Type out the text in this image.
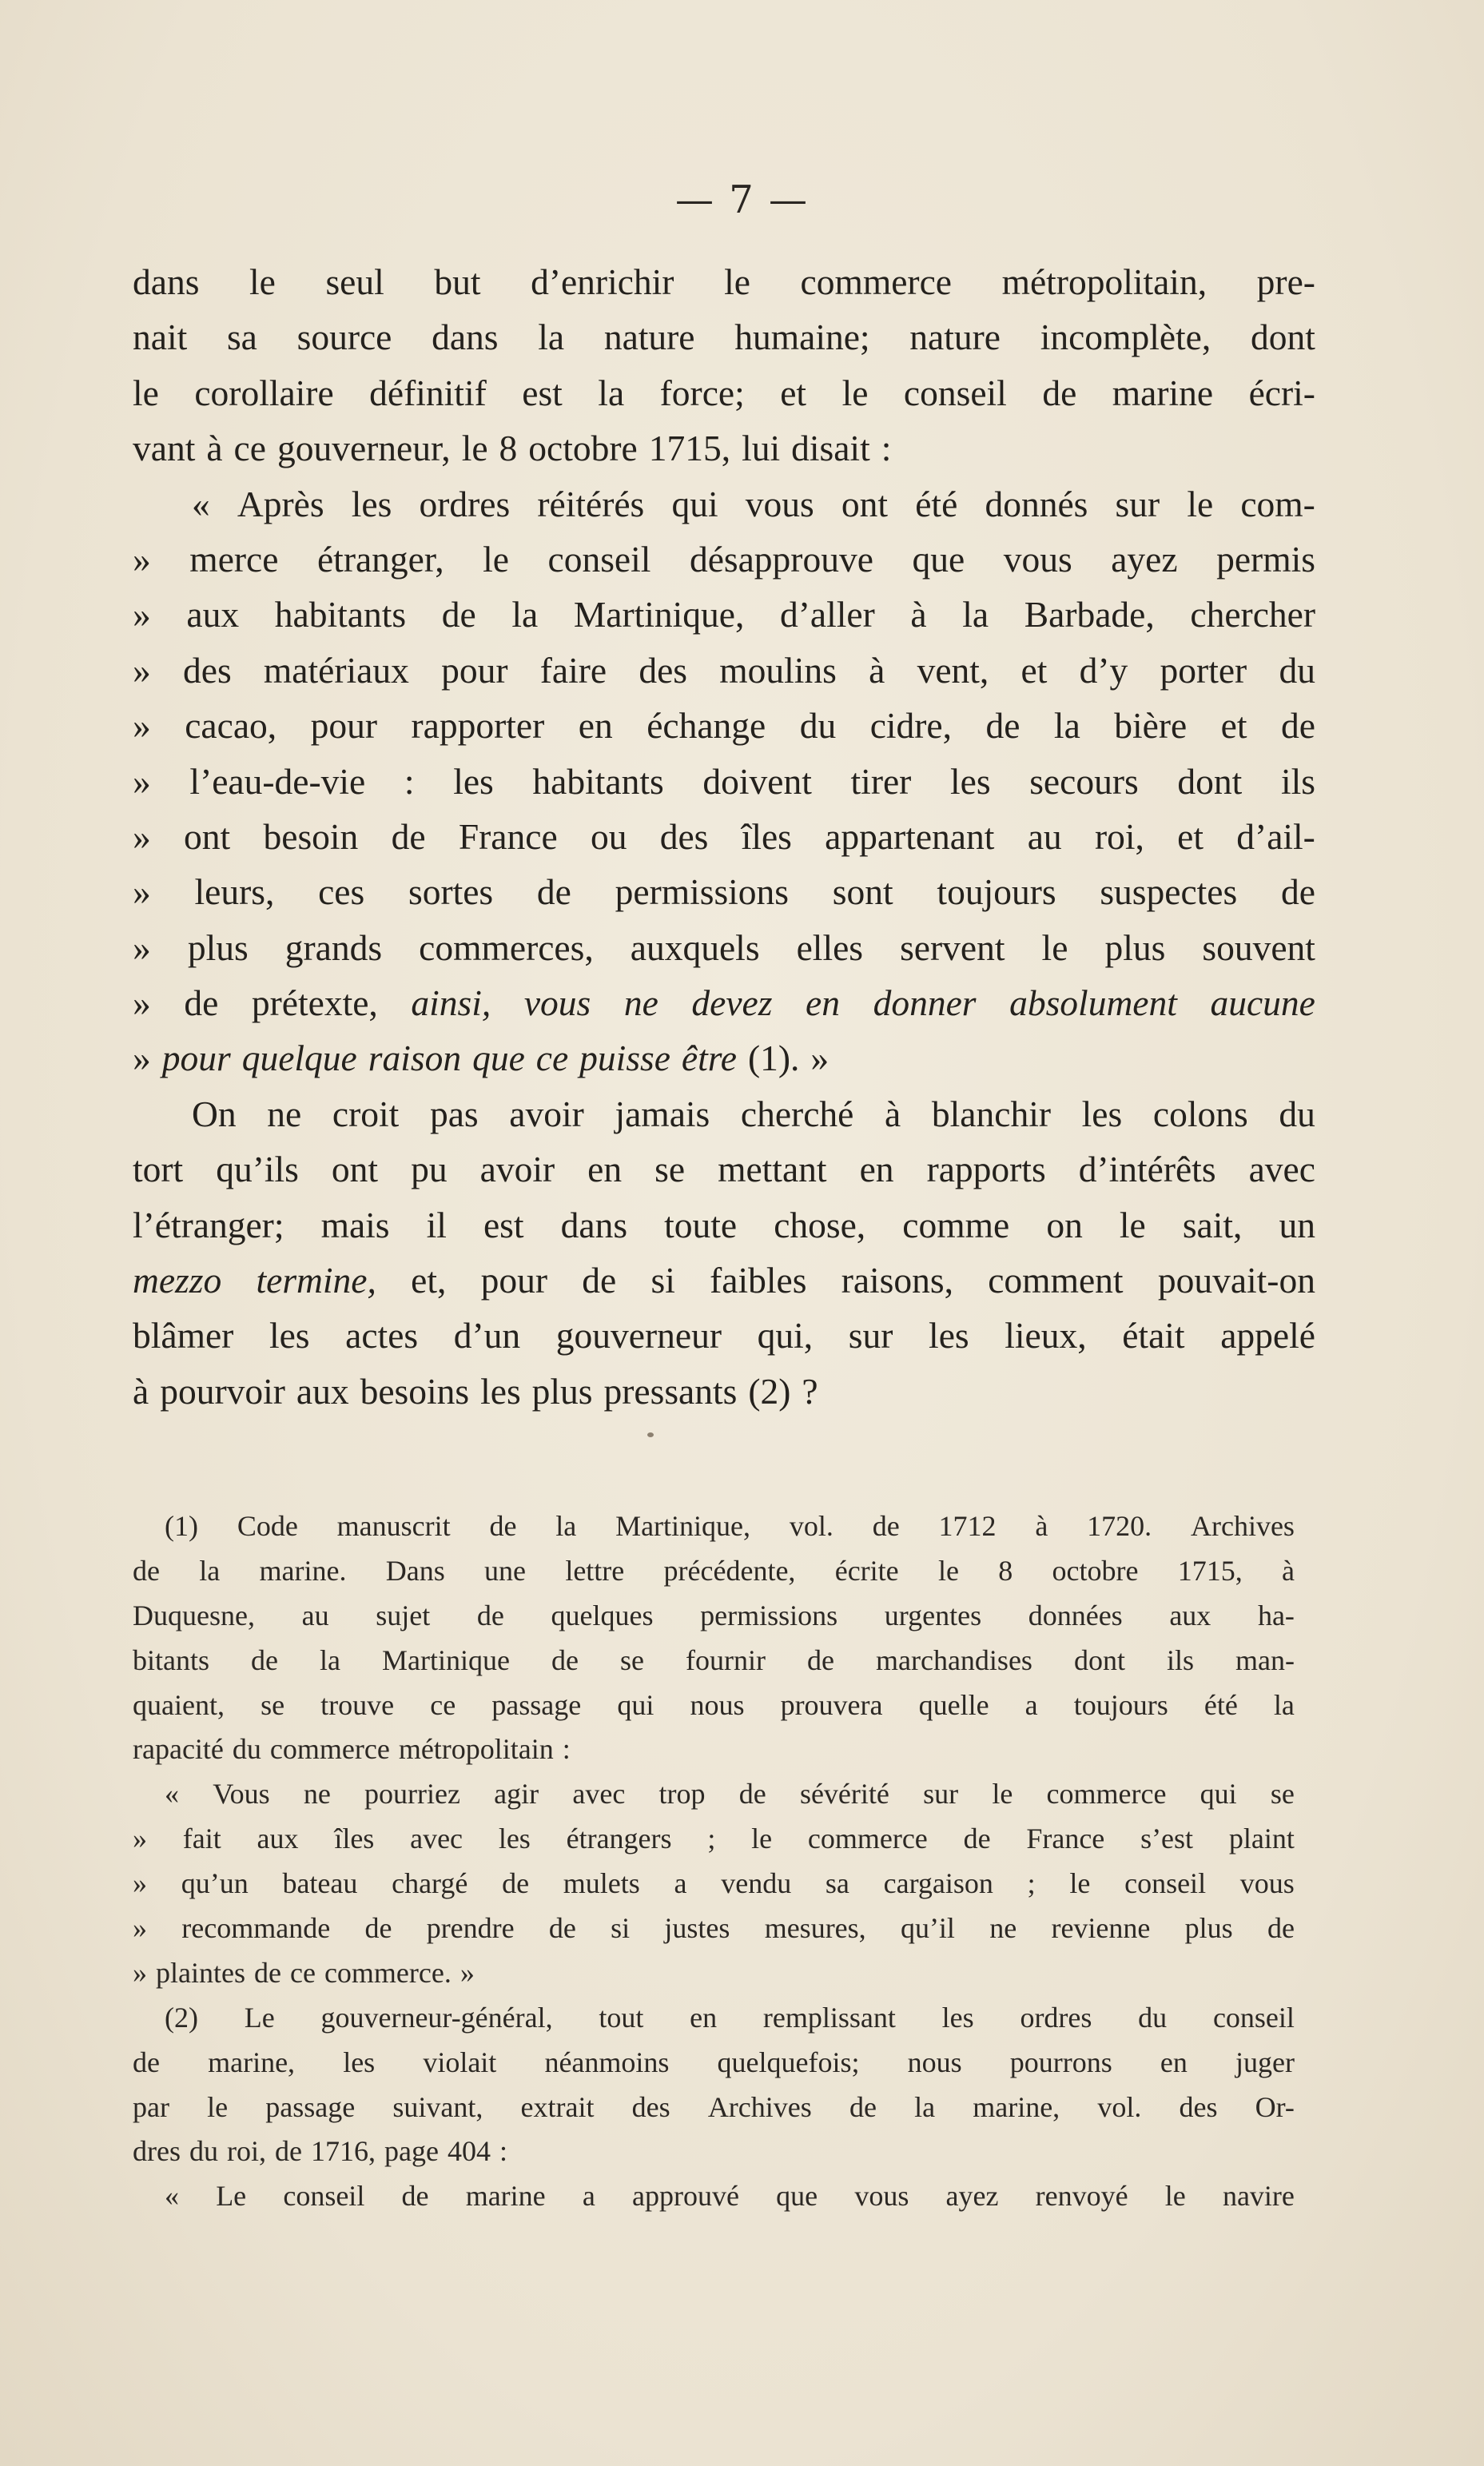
— 7 —
dans le seul but d’enrichir le commerce métropolitain, pre-
nait sa source dans la nature humaine; nature incomplète, dont
le corollaire définitif est la force; et le conseil de marine écri-
vant à ce gouverneur, le 8 octobre 1715, lui disait :
« Après les ordres réitérés qui vous ont été donnés sur le com-
» merce étranger, le conseil désapprouve que vous ayez permis
» aux habitants de la Martinique, d’aller à la Barbade, chercher
» des matériaux pour faire des moulins à vent, et d’y porter du
» cacao, pour rapporter en échange du cidre, de la bière et de
» l’eau-de-vie : les habitants doivent tirer les secours dont ils
» ont besoin de France ou des îles appartenant au roi, et d’ail-
» leurs, ces sortes de permissions sont toujours suspectes de
» plus grands commerces, auxquels elles servent le plus souvent
» de prétexte, ainsi, vous ne devez en donner absolument aucune
» pour quelque raison que ce puisse être (1). »
On ne croit pas avoir jamais cherché à blanchir les colons du
tort qu’ils ont pu avoir en se mettant en rapports d’intérêts avec
l’étranger; mais il est dans toute chose, comme on le sait, un
mezzo termine, et, pour de si faibles raisons, comment pouvait-on
blâmer les actes d’un gouverneur qui, sur les lieux, était appelé
à pourvoir aux besoins les plus pressants (2) ?
(1) Code manuscrit de la Martinique, vol. de 1712 à 1720. Archives
de la marine. Dans une lettre précédente, écrite le 8 octobre 1715, à
Duquesne, au sujet de quelques permissions urgentes données aux ha-
bitants de la Martinique de se fournir de marchandises dont ils man-
quaient, se trouve ce passage qui nous prouvera quelle a toujours été la
rapacité du commerce métropolitain :
« Vous ne pourriez agir avec trop de sévérité sur le commerce qui se
» fait aux îles avec les étrangers ; le commerce de France s’est plaint
» qu’un bateau chargé de mulets a vendu sa cargaison ; le conseil vous
» recommande de prendre de si justes mesures, qu’il ne revienne plus de
» plaintes de ce commerce. »
(2) Le gouverneur-général, tout en remplissant les ordres du conseil
de marine, les violait néanmoins quelquefois; nous pourrons en juger
par le passage suivant, extrait des Archives de la marine, vol. des Or-
dres du roi, de 1716, page 404 :
« Le conseil de marine a approuvé que vous ayez renvoyé le navire
